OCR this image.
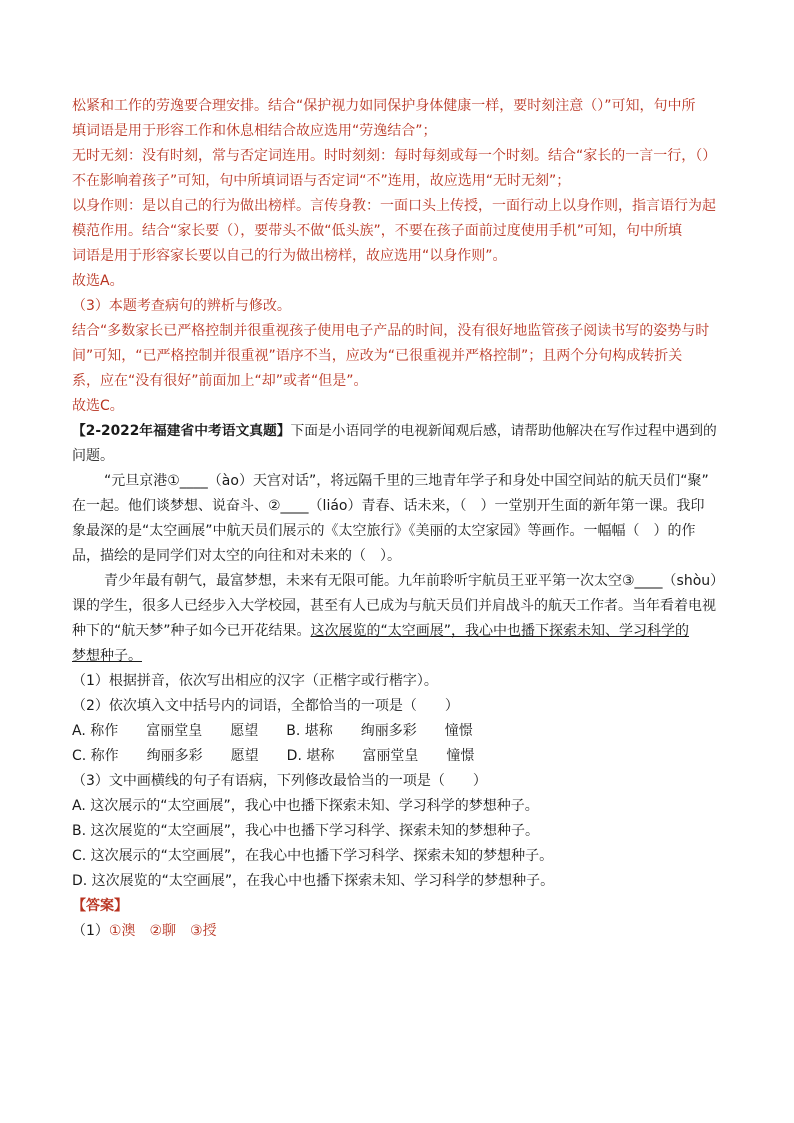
松紧和工作的劳逸要合理安排。结合“保护视力如同保护身体健康一样，要时刻注意（）”可知，句中所

填词语是用于形容工作和休息相结合故应选用“劳逸结合”；

无时无刻：没有时刻，常与否定词连用。时时刻刻：每时每刻或每一个时刻。结合“家长的一言一行，（）

不在影响着孩子”可知，句中所填词语与否定词“不”连用，故应选用“无时无刻”；

以身作则：是以自己的行为做出榜样。言传身教：一面口头上传授，一面行动上以身作则，指言语行为起

模范作用。结合“家长要（），要带头不做“低头族”，不要在孩子面前过度使用手机”可知，句中所填

词语是用于形容家长要以自己的行为做出榜样，故应选用“以身作则”。

故选A。

（3）本题考查病句的辨析与修改。

结合“多数家长已严格控制并很重视孩子使用电子产品的时间，没有很好地监管孩子阅读书写的姿势与时

间”可知，“已严格控制并很重视”语序不当，应改为“已很重视并严格控制”；且两个分句构成转折关

系，应在“没有很好”前面加上“却”或者“但是”。

故选C。

【2-2022年福建省中考语文真题】下面是小语同学的电视新闻观后感，请帮助他解决在写作过程中遇到的

问题。

“元旦京港①____（ào）天宫对话”，将远隔千里的三地青年学子和身处中国空间站的航天员们“聚”

在一起。他们谈梦想、说奋斗、②____（liáo）青春、话未来，（　）一堂别开生面的新年第一课。我印

象最深的是“太空画展”中航天员们展示的《太空旅行》《美丽的太空家园》等画作。一幅幅（　）的作

品，描绘的是同学们对太空的向往和对未来的（　）。

青少年最有朝气，最富梦想，未来有无限可能。九年前聆听宇航员王亚平第一次太空③____（shòu）

课的学生，很多人已经步入大学校园，甚至有人已成为与航天员们并肩战斗的航天工作者。当年看着电视

种下的“航天梦”种子如今已开花结果。这次展览的“太空画展”，我心中也播下探索未知、学习科学的

梦想种子。

（1）根据拼音，依次写出相应的汉字（正楷字或行楷字）。

（2）依次填入文中括号内的词语，全都恰当的一项是（　　）

A. 称作　　富丽堂皇　　愿望　　B. 堪称　　绚丽多彩　　憧憬

C. 称作　　绚丽多彩　　愿望　　D. 堪称　　富丽堂皇　　憧憬

（3）文中画横线的句子有语病，下列修改最恰当的一项是（　　）

A. 这次展示的“太空画展”，我心中也播下探索未知、学习科学的梦想种子。

B. 这次展览的“太空画展”，我心中也播下学习科学、探索未知的梦想种子。

C. 这次展示的“太空画展”，在我心中也播下学习科学、探索未知的梦想种子。

D. 这次展览的“太空画展”，在我心中也播下探索未知、学习科学的梦想种子。

【答案】

（1）①澳　②聊　③授
